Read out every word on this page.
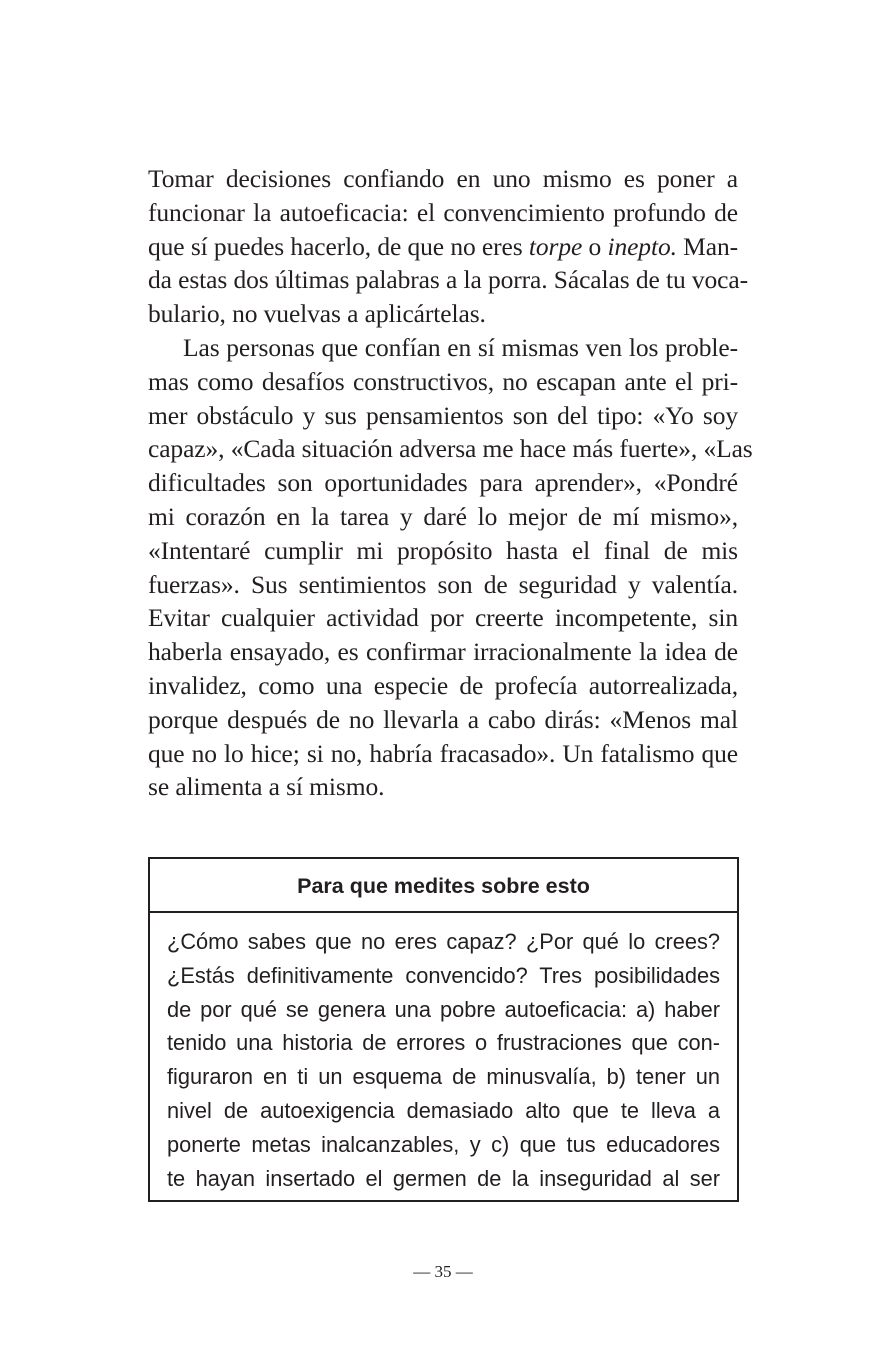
Tomar decisiones confiando en uno mismo es poner a
funcionar la autoeficacia: el convencimiento profundo de
que sí puedes hacerlo, de que no eres torpe o inepto. Man-
da estas dos últimas palabras a la porra. Sácalas de tu voca-
bulario, no vuelvas a aplicártelas.

Las personas que confían en sí mismas ven los proble-
mas como desafíos constructivos, no escapan ante el pri-
mer obstáculo y sus pensamientos son del tipo: «Yo soy
capaz», «Cada situación adversa me hace más fuerte», «Las
dificultades son oportunidades para aprender», «Pondré
mi corazón en la tarea y daré lo mejor de mí mismo»,
«Intentaré cumplir mi propósito hasta el final de mis
fuerzas». Sus sentimientos son de seguridad y valentía.
Evitar cualquier actividad por creerte incompetente, sin
haberla ensayado, es confirmar irracionalmente la idea de
invalidez, como una especie de profecía autorrealizada,
porque después de no llevarla a cabo dirás: «Menos mal
que no lo hice; si no, habría fracasado». Un fatalismo que
se alimenta a sí mismo.

Para que medites sobre esto
¿Cómo sabes que no eres capaz? ¿Por qué lo crees?
¿Estás definitivamente convencido? Tres posibilidades
de por qué se genera una pobre autoeficacia: a) haber
tenido una historia de errores o frustraciones que con-
figuraron en ti un esquema de minusvalía, b) tener un
nivel de autoexigencia demasiado alto que te lleva a
ponerte metas inalcanzables, y c) que tus educadores
te hayan insertado el germen de la inseguridad al ser
— 35 —
